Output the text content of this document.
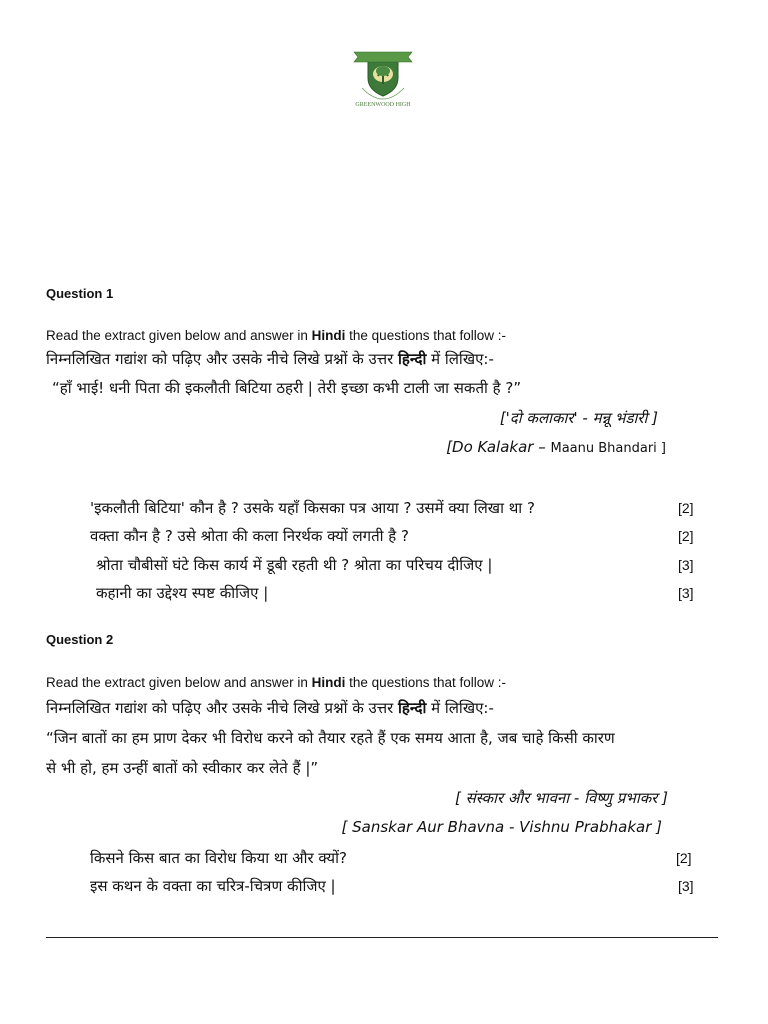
GREENWOOD HIGH
Question 1
Read the extract given below and answer in Hindi the questions that follow :-
निम्नलिखित गद्यांश को पढ़िए और उसके नीचे लिखे प्रश्नों के उत्तर हिन्दी में लिखिए:-
“हाँ भाई! धनी पिता की इकलौती बिटिया ठहरी | तेरी इच्छा कभी टाली जा सकती है ?”
['दो कलाकार' - मन्नू भंडारी ]
[Do Kalakar – Maanu Bhandari ]
'इकलौती बिटिया' कौन है ? उसके यहाँ किसका पत्र आया ? उसमें क्या लिखा था ?	[2]
वक्ता कौन है ? उसे श्रोता की कला निरर्थक क्यों लगती है ?	[2]
श्रोता चौबीसों घंटे किस कार्य में डूबी रहती थी ? श्रोता का परिचय दीजिए |	[3]
कहानी का उद्देश्य स्पष्ट कीजिए |	[3]
Question 2
Read the extract given below and answer in Hindi the questions that follow :-
निम्नलिखित गद्यांश को पढ़िए और उसके नीचे लिखे प्रश्नों के उत्तर हिन्दी में लिखिए:-
“जिन बातों का हम प्राण देकर भी विरोध करने को तैयार रहते हैं एक समय आता है, जब चाहे किसी कारण
से भी हो, हम उन्हीं बातों को स्वीकार कर लेते हैं |”
[ संस्कार और भावना - विष्णु प्रभाकर ]
[ Sanskar Aur Bhavna - Vishnu Prabhakar ]
किसने किस बात का विरोध किया था और क्यों?	[2]
इस कथन के वक्ता का चरित्र-चित्रण कीजिए |	[3]
